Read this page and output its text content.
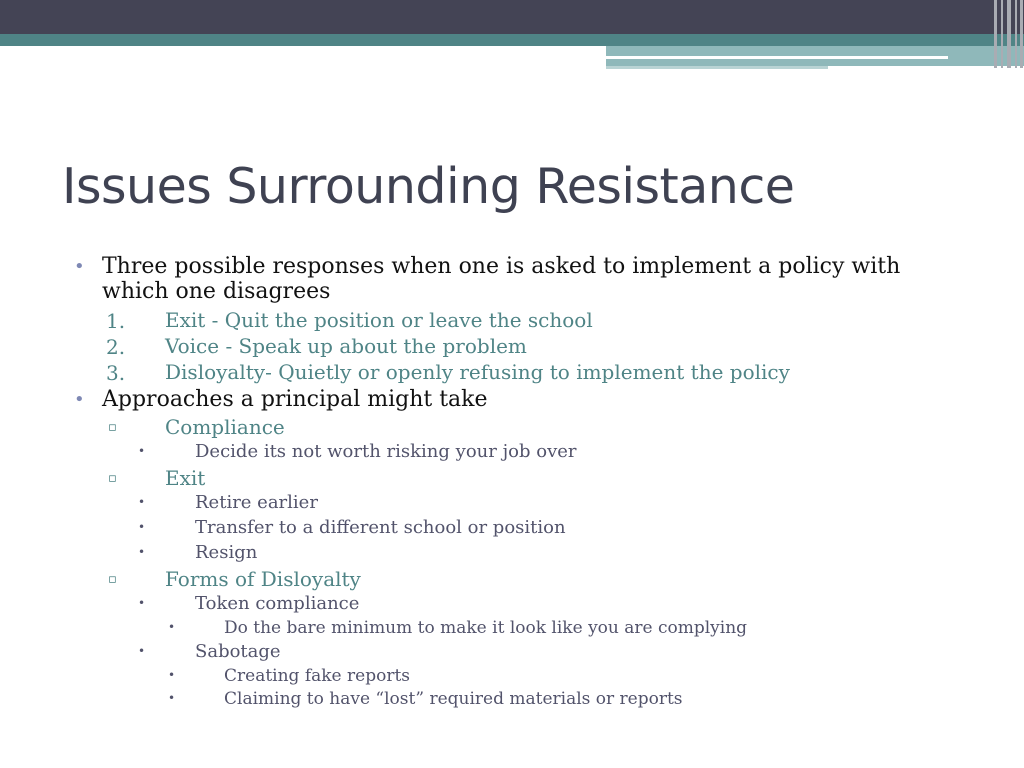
Issues Surrounding Resistance
• Three possible responses when one is asked to implement a policy with
which one disagrees
1. Exit - Quit the position or leave the school
2. Voice - Speak up about the problem
3. Disloyalty- Quietly or openly refusing to implement the policy
• Approaches a principal might take
▫ Compliance
•	Decide its not worth risking your job over
▫ Exit
•	Retire earlier
•	Transfer to a different school or position
•	Resign
▫ Forms of Disloyalty
•	Token compliance
•	Do the bare minimum to make it look like you are complying
•	Sabotage
•	Creating fake reports
•	Claiming to have “lost” required materials or reports
